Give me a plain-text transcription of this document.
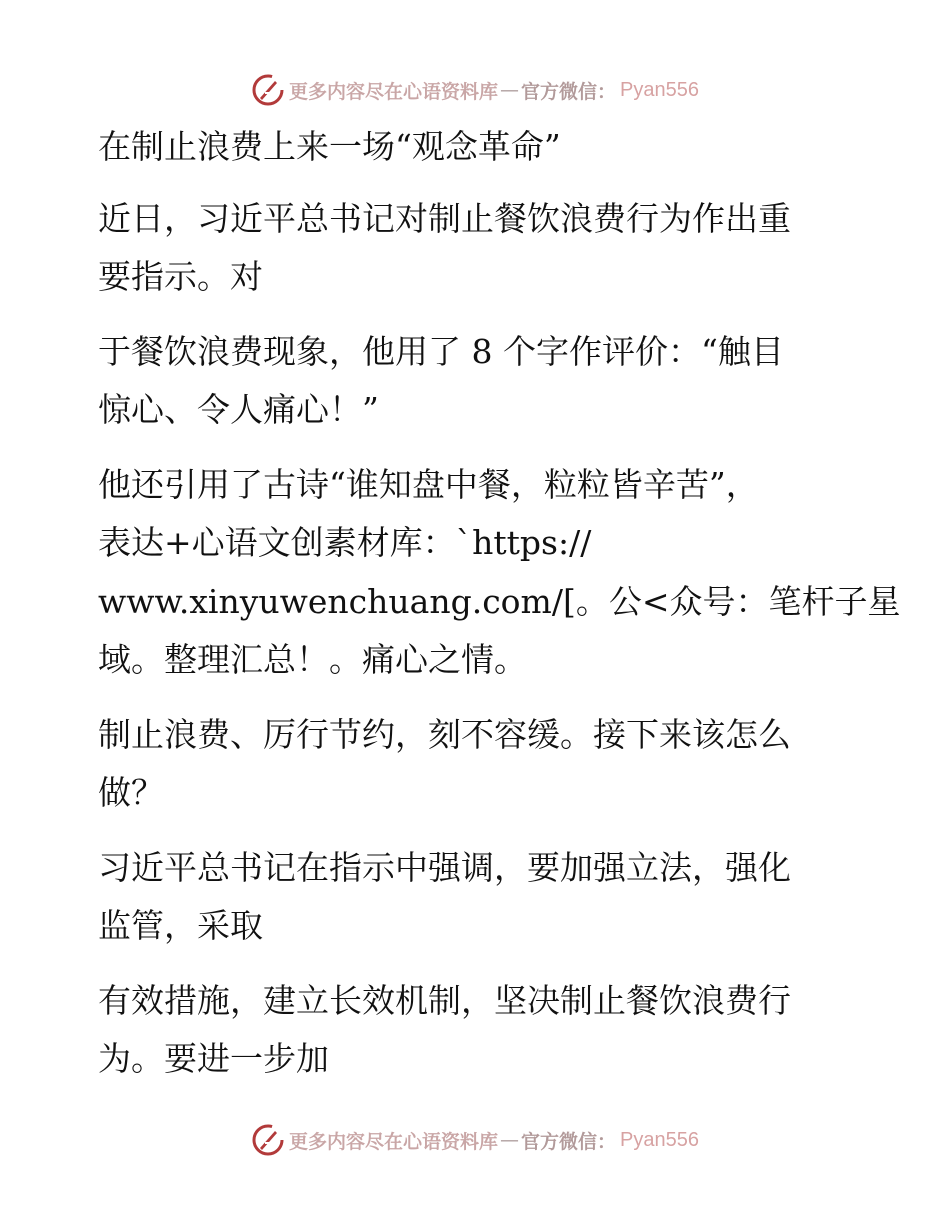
更多内容尽在心语资料库 — 官方微信： Pyan556
在制止浪费上来一场“观念革命”
近日，习近平总书记对制止餐饮浪费行为作出重
要指示。对
于餐饮浪费现象，他用了 8 个字作评价：“触目
惊心、令人痛心！”
他还引用了古诗“谁知盘中餐，粒粒皆辛苦”，
表达+心语文创素材库：`https://
www.xinyuwenchuang.com/[。公<众号：笔杆子星
域。整理汇总！。痛心之情。
制止浪费、厉行节约，刻不容缓。接下来该怎么
做？
习近平总书记在指示中强调，要加强立法，强化
监管，采取
有效措施，建立长效机制，坚决制止餐饮浪费行
为。要进一步加
更多内容尽在心语资料库 — 官方微信： Pyan556
